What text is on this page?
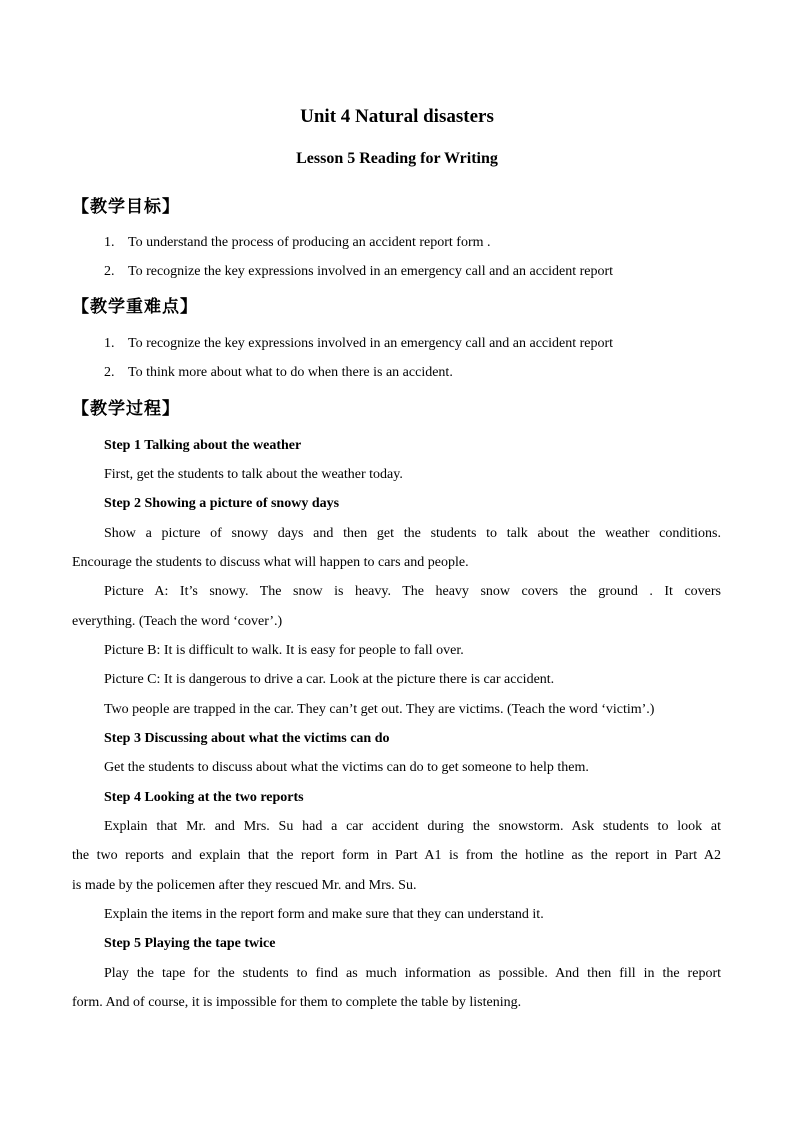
Unit 4 Natural disasters
Lesson 5 Reading for Writing
【教学目标】
1. To understand the process of producing an accident report form .
2. To recognize the key expressions involved in an emergency call and an accident report
【教学重难点】
1. To recognize the key expressions involved in an emergency call and an accident report
2. To think more about what to do when there is an accident.
【教学过程】
Step 1 Talking about the weather
First, get the students to talk about the weather today.
Step 2 Showing a picture of snowy days
Show a picture of snowy days and then get the students to talk about the weather conditions.
Encourage the students to discuss what will happen to cars and people.
Picture A: It’s snowy. The snow is heavy. The heavy snow covers the ground . It covers
everything. (Teach the word ‘cover’.)
Picture B: It is difficult to walk. It is easy for people to fall over.
Picture C: It is dangerous to drive a car. Look at the picture there is car accident.
Two people are trapped in the car. They can’t get out. They are victims. (Teach the word ‘victim’.)
Step 3 Discussing about what the victims can do
Get the students to discuss about what the victims can do to get someone to help them.
Step 4 Looking at the two reports
Explain that Mr. and Mrs. Su had a car accident during the snowstorm. Ask students to look at
the two reports and explain that the report form in Part A1 is from the hotline as the report in Part A2
is made by the policemen after they rescued Mr. and Mrs. Su.
Explain the items in the report form and make sure that they can understand it.
Step 5 Playing the tape twice
Play the tape for the students to find as much information as possible. And then fill in the report
form. And of course, it is impossible for them to complete the table by listening.
